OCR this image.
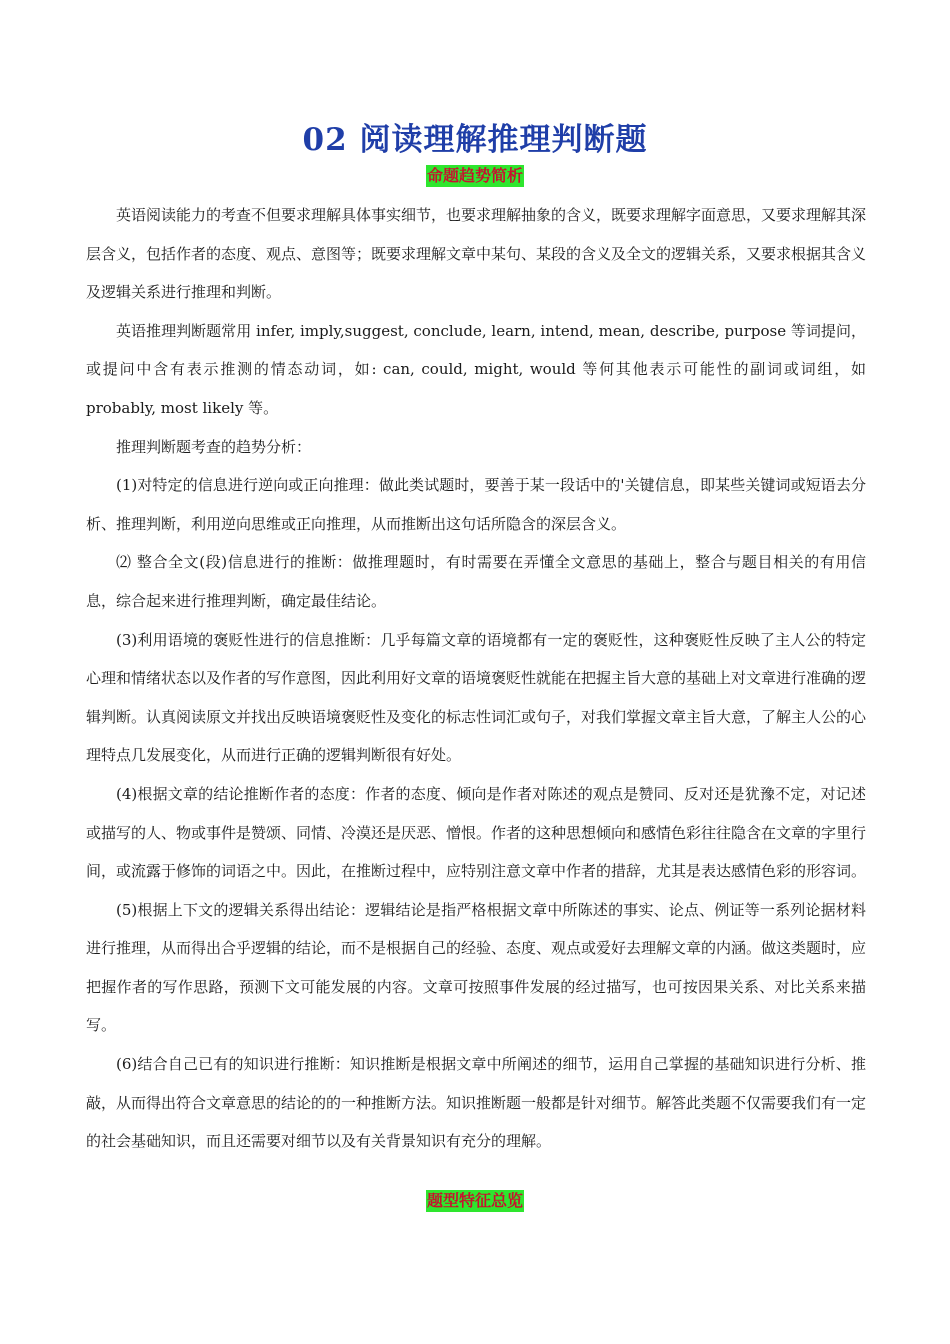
02 阅读理解推理判断题
命题趋势简析

英语阅读能力的考查不但要求理解具体事实细节，也要求理解抽象的含义，既要求理解字面意思，又要求理解其深层含义，包括作者的态度、观点、意图等；既要求理解文章中某句、某段的含义及全文的逻辑关系，又要求根据其含义及逻辑关系进行推理和判断。

英语推理判断题常用 infer, imply,suggest, conclude, learn, intend, mean, describe, purpose 等词提问，或提问中含有表示推测的情态动词，如: can, could, might, would 等何其他表示可能性的副词或词组，如 probably, most likely 等。

推理判断题考查的趋势分析：

(1)对特定的信息进行逆向或正向推理：做此类试题时，要善于某一段话中的'关键信息，即某些关键词或短语去分析、推理判断，利用逆向思维或正向推理，从而推断出这句话所隐含的深层含义。

⑵ 整合全文(段)信息进行的推断：做推理题时，有时需要在弄懂全文意思的基础上，整合与题目相关的有用信息，综合起来进行推理判断，确定最佳结论。

(3)利用语境的褒贬性进行的信息推断：几乎每篇文章的语境都有一定的褒贬性，这种褒贬性反映了主人公的特定心理和情绪状态以及作者的写作意图，因此利用好文章的语境褒贬性就能在把握主旨大意的基础上对文章进行准确的逻辑判断。认真阅读原文并找出反映语境褒贬性及变化的标志性词汇或句子，对我们掌握文章主旨大意，了解主人公的心理特点几发展变化，从而进行正确的逻辑判断很有好处。

(4)根据文章的结论推断作者的态度：作者的态度、倾向是作者对陈述的观点是赞同、反对还是犹豫不定，对记述或描写的人、物或事件是赞颂、同情、冷漠还是厌恶、憎恨。作者的这种思想倾向和感情色彩往往隐含在文章的字里行间，或流露于修饰的词语之中。因此，在推断过程中，应特别注意文章中作者的措辞，尤其是表达感情色彩的形容词。

(5)根据上下文的逻辑关系得出结论：逻辑结论是指严格根据文章中所陈述的事实、论点、例证等一系列论据材料进行推理，从而得出合乎逻辑的结论，而不是根据自己的经验、态度、观点或爱好去理解文章的内涵。做这类题时，应把握作者的写作思路，预测下文可能发展的内容。文章可按照事件发展的经过描写，也可按因果关系、对比关系来描写。

(6)结合自己已有的知识进行推断：知识推断是根据文章中所阐述的细节，运用自己掌握的基础知识进行分析、推敲，从而得出符合文章意思的结论的的一种推断方法。知识推断题一般都是针对细节。解答此类题不仅需要我们有一定的社会基础知识，而且还需要对细节以及有关背景知识有充分的理解。

题型特征总览
